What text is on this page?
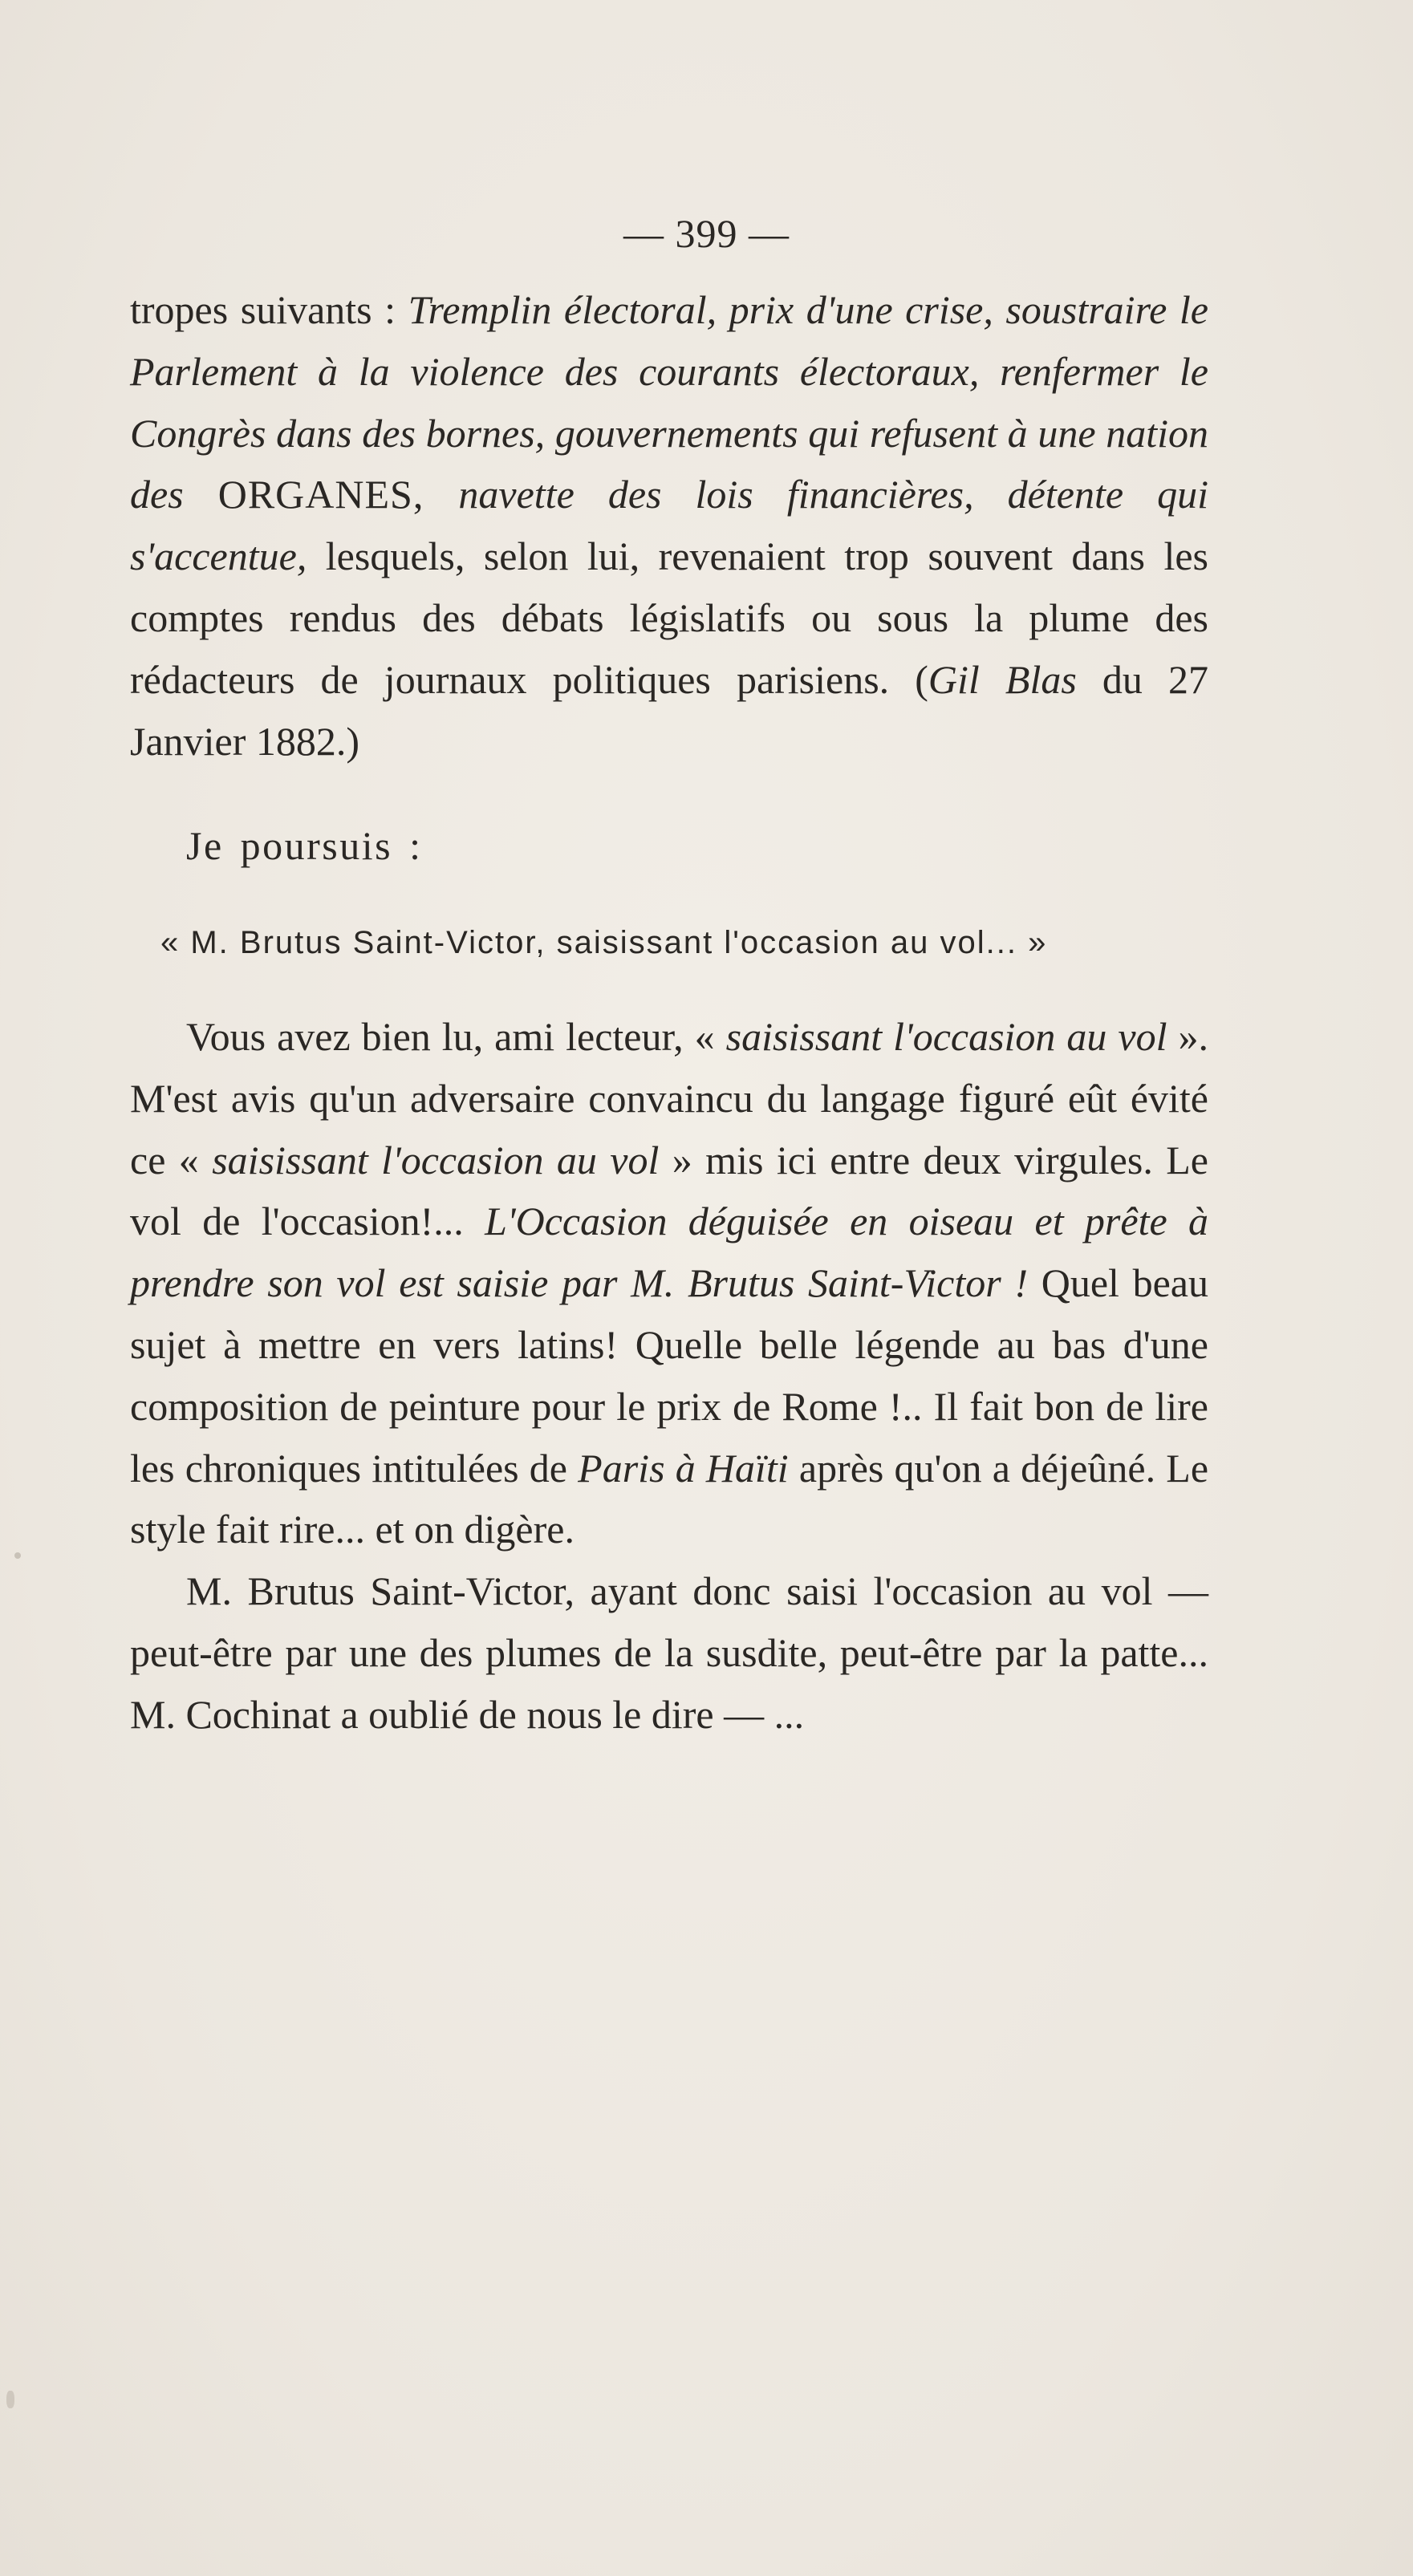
— 399 —

tropes suivants : Tremplin électoral, prix d'une crise, soustraire le Parlement à la violence des courants électoraux, renfermer le Congrès dans des bornes, gouvernements qui refusent à une nation des ORGANES, navette des lois financières, détente qui s'accentue, lesquels, selon lui, revenaient trop souvent dans les comptes rendus des débats législatifs ou sous la plume des rédacteurs de journaux politiques parisiens. (Gil Blas du 27 Janvier 1882.)

Je poursuis :

« M. Brutus Saint-Victor, saisissant l'occasion au vol... »

Vous avez bien lu, ami lecteur, « saisissant l'occasion au vol ». M'est avis qu'un adversaire convaincu du langage figuré eût évité ce « saisissant l'occasion au vol » mis ici entre deux virgules. Le vol de l'occasion!... L'Occasion déguisée en oiseau et prête à prendre son vol est saisie par M. Brutus Saint-Victor ! Quel beau sujet à mettre en vers latins! Quelle belle légende au bas d'une composition de peinture pour le prix de Rome !.. Il fait bon de lire les chroniques intitulées de Paris à Haïti après qu'on a déjeûné. Le style fait rire... et on digère.

M. Brutus Saint-Victor, ayant donc saisi l'occasion au vol — peut-être par une des plumes de la susdite, peut-être par la patte... M. Cochinat a oublié de nous le dire — ...
